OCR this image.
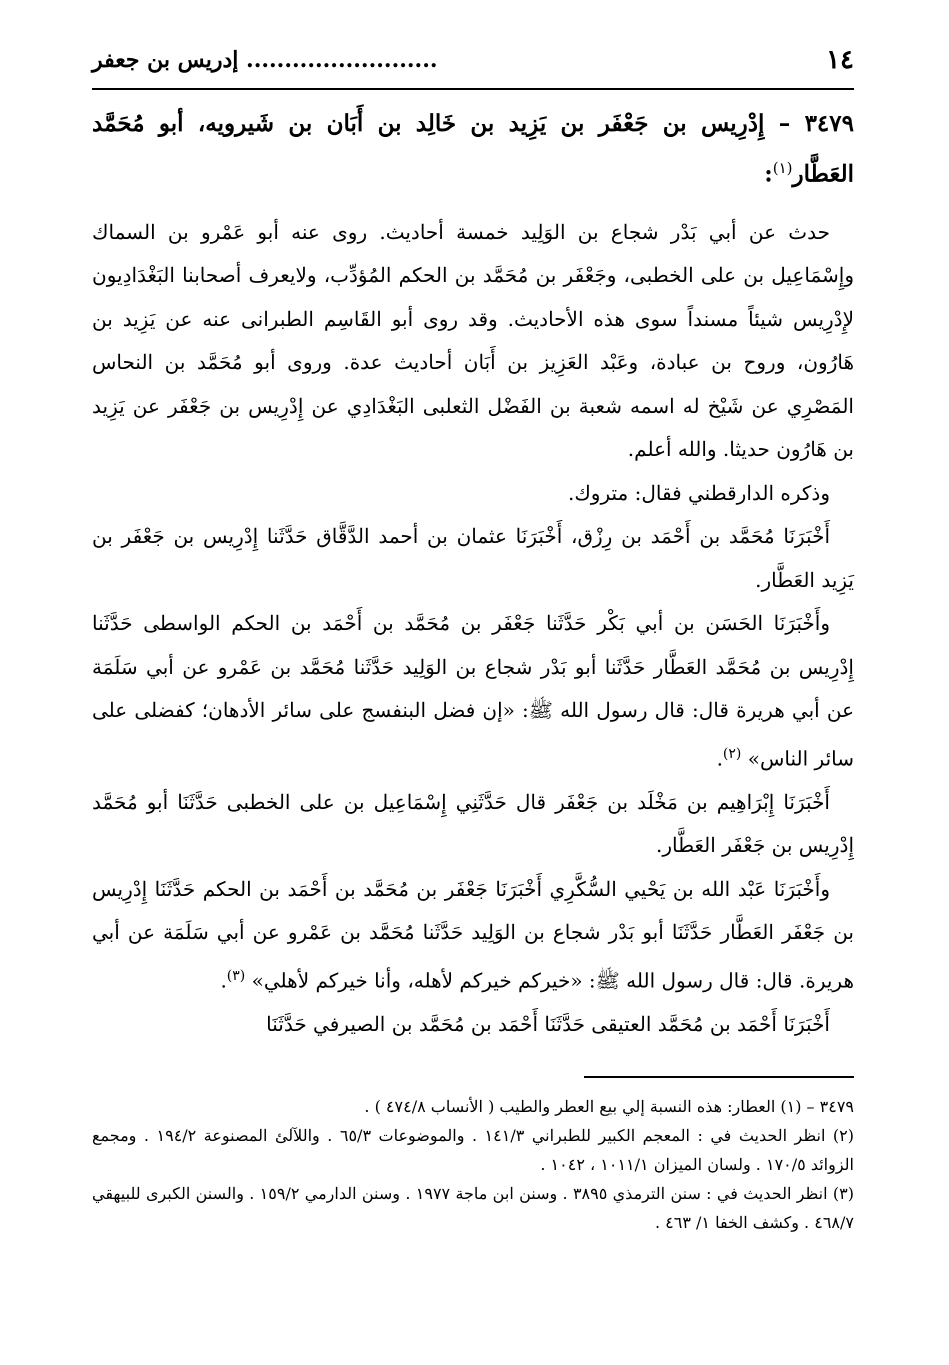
١٤
......................... إدريس بن جعفر
٣٤٧٩ – إِدْرِيس بن جَعْفَر بن يَزِيد بن خَالِد بن أَبَان بن شَيرويه، أبو مُحَمَّد العَطَّار$^{(١)}$:

حدث عن أبي بَدْر شجاع بن الوَلِيد خمسة أحاديث. روى عنه أبو عَمْرو بن السماك وإِسْمَاعِيل بن على الخطبى، وجَعْفَر بن مُحَمَّد بن الحكم المُؤدِّب، ولايعرف أصحابنا البَغْدَادِيون لإِدْرِيس شيئاً مسنداً سوى هذه الأحاديث. وقد روى أبو القَاسِم الطبرانى عنه عن يَزِيد بن هَارُون، وروح بن عبادة، وعَبْد العَزِيز بن أَبَان أحاديث عدة. وروى أبو مُحَمَّد بن النحاس المَصْرِي عن شَيْخ له اسمه شعبة بن الفَضْل الثعلبى البَغْدَادِي عن إِدْرِيس بن جَعْفَر عن يَزِيد بن هَارُون حديثا. والله أعلم.

وذكره الدارقطني فقال: متروك.

أَخْبَرَنَا مُحَمَّد بن أَحْمَد بن رِزْق، أَخْبَرَنَا عثمان بن أحمد الدَّقَّاق حَدَّثَنا إِدْرِيس بن جَعْفَر بن يَزِيد العَطَّار.

وأَخْبَرَنَا الحَسَن بن أبي بَكْر حَدَّثَنا جَعْفَر بن مُحَمَّد بن أَحْمَد بن الحكم الواسطى حَدَّثَنا إِدْرِيس بن مُحَمَّد العَطَّار حَدَّثَنا أبو بَدْر شجاع بن الوَلِيد حَدَّثَنا مُحَمَّد بن عَمْرو عن أبي سَلَمَة عن أبي هريرة قال: قال رسول الله ﷺ: «إن فضل البنفسج على سائر الأدهان؛ كفضلى على سائر الناس» $^{(٢)}$.

أَخْبَرَنَا إِبْرَاهِيم بن مَخْلَد بن جَعْفَر قال حَدَّثَنِي إِسْمَاعِيل بن على الخطبى حَدَّثَنَا أبو مُحَمَّد إِدْرِيس بن جَعْفَر العَطَّار.

وأَخْبَرَنَا عَبْد الله بن يَحْيي السُّكَّرِي أَخْبَرَنَا جَعْفَر بن مُحَمَّد بن أَحْمَد بن الحكم حَدَّثَنَا إِدْرِيس بن جَعْفَر العَطَّار حَدَّثَنَا أبو بَدْر شجاع بن الوَلِيد حَدَّثَنا مُحَمَّد بن عَمْرو عن أبي سَلَمَة عن أبي هريرة. قال: قال رسول الله ﷺ: «خيركم خيركم لأهله، وأنا خيركم لأهلي» $^{(٣)}$.

أَخْبَرَنَا أَحْمَد بن مُحَمَّد العتيقى حَدَّثَنَا أَحْمَد بن مُحَمَّد بن الصيرفي حَدَّثَنَا

٣٤٧٩ – (١) العطار: هذه النسبة إلي بيع العطر والطيب ( الأنساب ٤٧٤/٨ ) .

(٢) انظر الحديث في : المعجم الكبير للطبراني ١٤١/٣ . والموضوعات ٦٥/٣ . واللآلئ المصنوعة ١٩٤/٢ . ومجمع الزوائد ١٧٠/٥ . ولسان الميزان ١٠١١/١ ، ١٠٤٢ .

(٣) انظر الحديث في : سنن الترمذي ٣٨٩٥ . وسنن ابن ماجة ١٩٧٧ . وسنن الدارمي ١٥٩/٢ . والسنن الكبرى للبيهقي ٤٦٨/٧ . وكشف الخفا ١/ ٤٦٣ .
